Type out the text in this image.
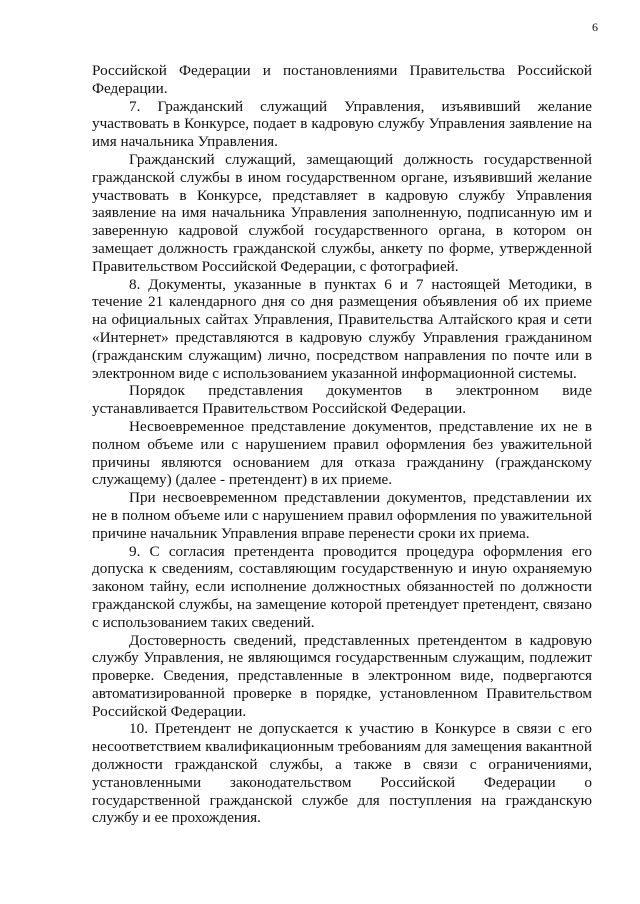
6

Российской Федерации и постановлениями Правительства Российской Федерации.

7. Гражданский служащий Управления, изъявивший желание участвовать в Конкурсе, подает в кадровую службу Управления заявление на имя начальника Управления.

Гражданский служащий, замещающий должность государственной гражданской службы в ином государственном органе, изъявивший желание участвовать в Конкурсе, представляет в кадровую службу Управления заявление на имя начальника Управления заполненную, подписанную им и заверенную кадровой службой государственного органа, в котором он замещает должность гражданской службы, анкету по форме, утвержденной Правительством Российской Федерации, с фотографией.

8. Документы, указанные в пунктах 6 и 7 настоящей Методики, в течение 21 календарного дня со дня размещения объявления об их приеме на официальных сайтах Управления, Правительства Алтайского края и сети «Интернет» представляются в кадровую службу Управления гражданином (гражданским служащим) лично, посредством направления по почте или в электронном виде с использованием указанной информационной системы.

Порядок представления документов в электронном виде устанавливается Правительством Российской Федерации.

Несвоевременное представление документов, представление их не в полном объеме или с нарушением правил оформления без уважительной причины являются основанием для отказа гражданину (гражданскому служащему) (далее - претендент) в их приеме.

При несвоевременном представлении документов, представлении их не в полном объеме или с нарушением правил оформления по уважительной причине начальник Управления вправе перенести сроки их приема.

9. С согласия претендента проводится процедура оформления его допуска к сведениям, составляющим государственную и иную охраняемую законом тайну, если исполнение должностных обязанностей по должности гражданской службы, на замещение которой претендует претендент, связано с использованием таких сведений.

Достоверность сведений, представленных претендентом в кадровую службу Управления, не являющимся государственным служащим, подлежит проверке. Сведения, представленные в электронном виде, подвергаются автоматизированной проверке в порядке, установленном Правительством Российской Федерации.

10. Претендент не допускается к участию в Конкурсе в связи с его несоответствием квалификационным требованиям для замещения вакантной должности гражданской службы, а также в связи с ограничениями, установленными законодательством Российской Федерации о государственной гражданской службе для поступления на гражданскую службу и ее прохождения.
